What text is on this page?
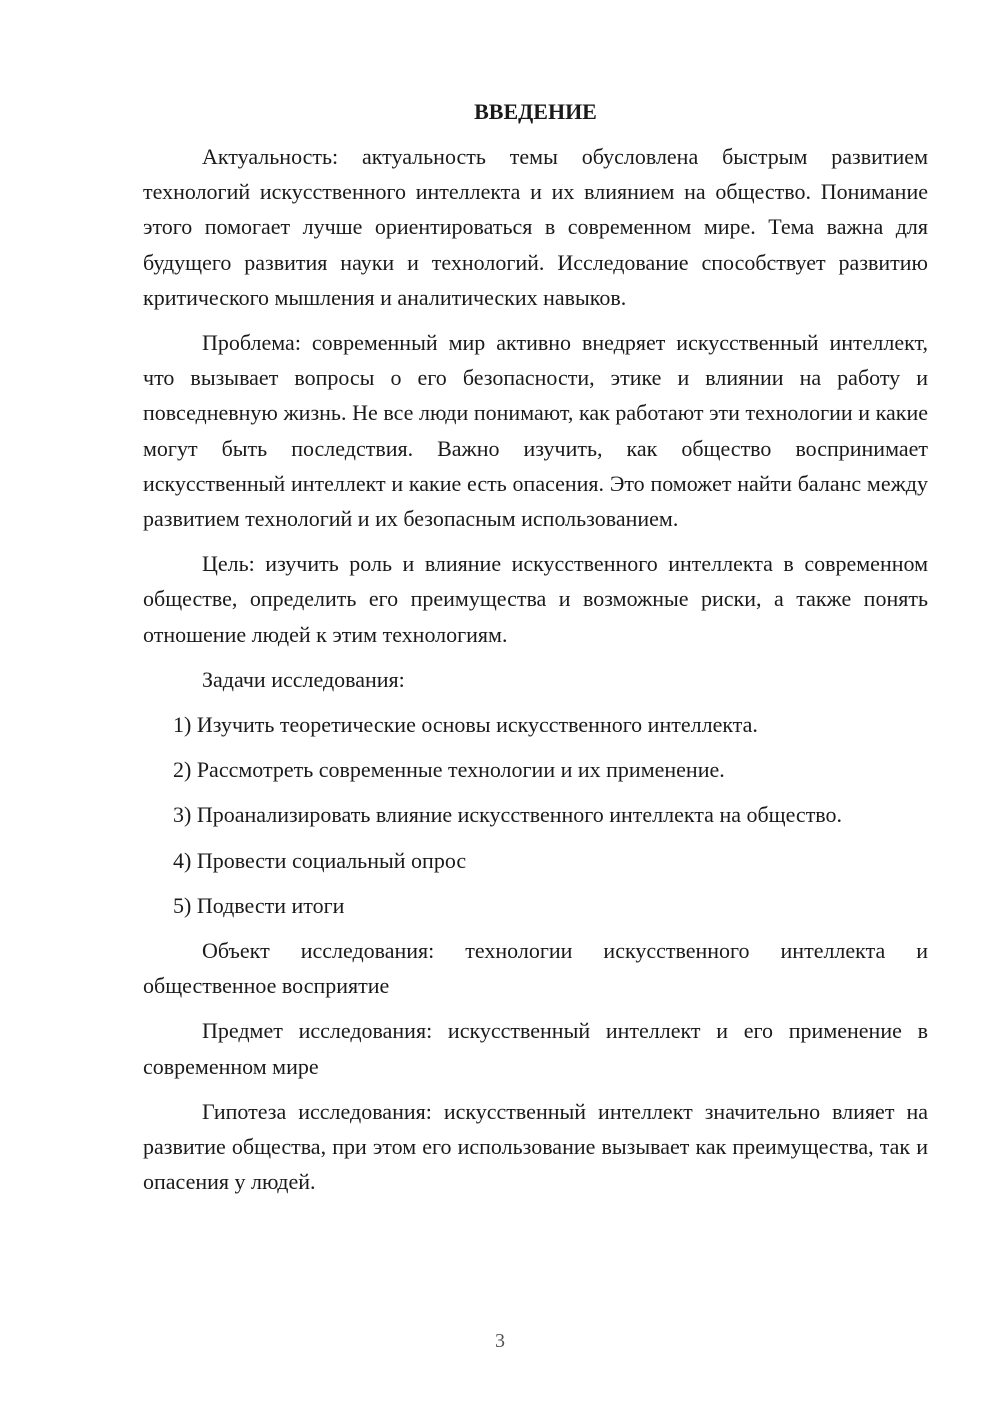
ВВЕДЕНИЕ

Актуальность: актуальность темы обусловлена быстрым развитием технологий искусственного интеллекта и их влиянием на общество. Понимание этого помогает лучше ориентироваться в современном мире. Тема важна для будущего развития науки и технологий. Исследование способствует развитию критического мышления и аналитических навыков.

Проблема: современный мир активно внедряет искусственный интеллект, что вызывает вопросы о его безопасности, этике и влиянии на работу и повседневную жизнь. Не все люди понимают, как работают эти технологии и какие могут быть последствия. Важно изучить, как общество воспринимает искусственный интеллект и какие есть опасения. Это поможет найти баланс между развитием технологий и их безопасным использованием.

Цель: изучить роль и влияние искусственного интеллекта в современном обществе, определить его преимущества и возможные риски, а также понять отношение людей к этим технологиям.

Задачи исследования:

1) Изучить теоретические основы искусственного интеллекта.

2) Рассмотреть современные технологии и их применение.

3) Проанализировать влияние искусственного интеллекта на общество.

4) Провести социальный опрос

5) Подвести итоги

Объект исследования: технологии искусственного интеллекта и общественное восприятие

Предмет исследования: искусственный интеллект и его применение в современном мире

Гипотеза исследования: искусственный интеллект значительно влияет на развитие общества, при этом его использование вызывает как преимущества, так и опасения у людей.

3
